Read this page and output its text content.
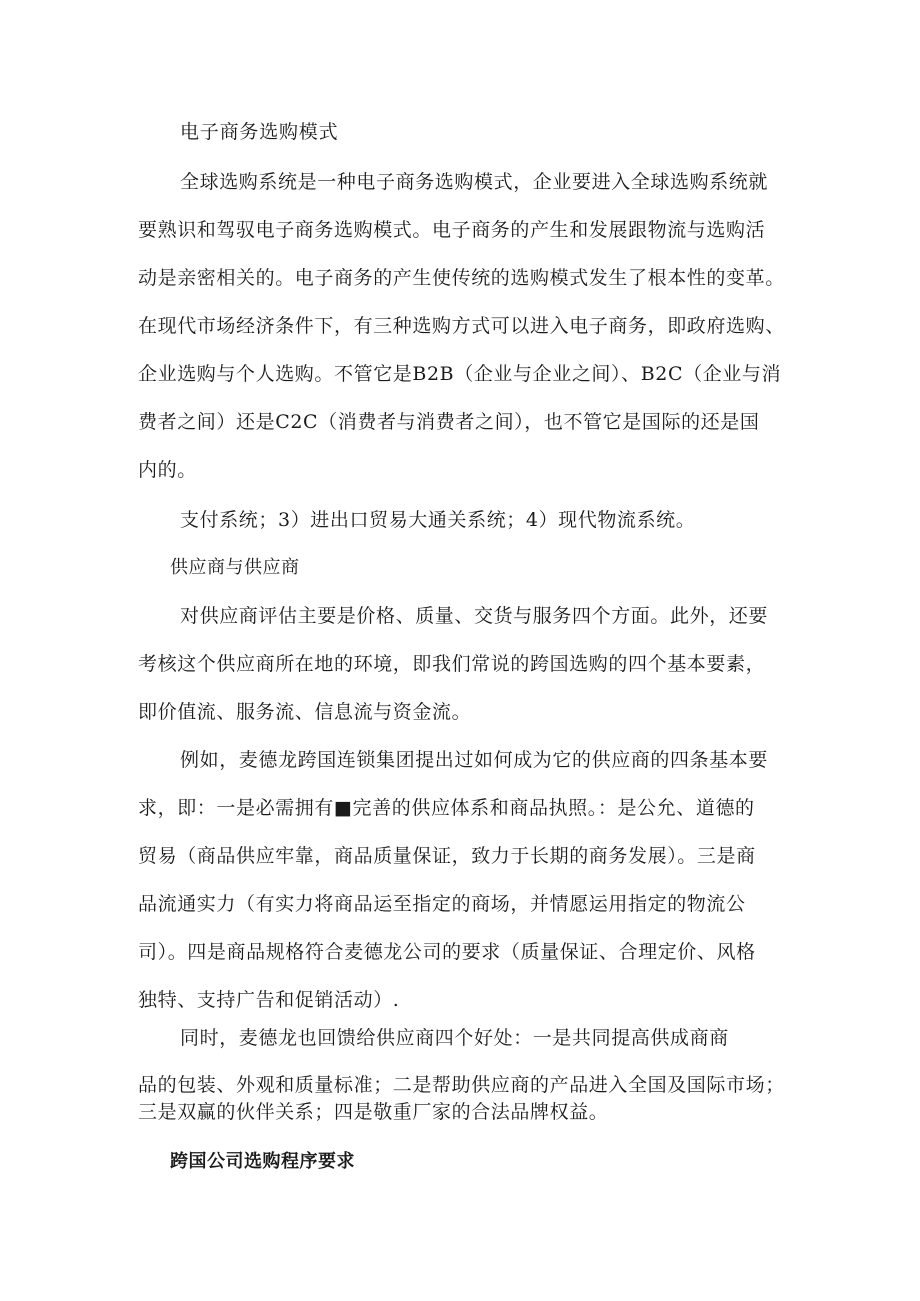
电子商务选购模式
全球选购系统是一种电子商务选购模式，企业要进入全球选购系统就
要熟识和驾驭电子商务选购模式。电子商务的产生和发展跟物流与选购活
动是亲密相关的。电子商务的产生使传统的选购模式发生了根本性的变革。
在现代市场经济条件下，有三种选购方式可以进入电子商务，即政府选购、
企业选购与个人选购。不管它是B2B（企业与企业之间）、B2C（企业与消
费者之间）还是C2C（消费者与消费者之间），也不管它是国际的还是国
内的。
支付系统；3）进出口贸易大通关系统；4）现代物流系统。
供应商与供应商
对供应商评估主要是价格、质量、交货与服务四个方面。此外，还要
考核这个供应商所在地的环境，即我们常说的跨国选购的四个基本要素，
即价值流、服务流、信息流与资金流。
例如，麦德龙跨国连锁集团提出过如何成为它的供应商的四条基本要
求，即：一是必需拥有■完善的供应体系和商品执照。：是公允、道德的
贸易（商品供应牢靠，商品质量保证，致力于长期的商务发展）。三是商
品流通实力（有实力将商品运至指定的商场，并情愿运用指定的物流公
司）。四是商品规格符合麦德龙公司的要求（质量保证、合理定价、风格
独特、支持广告和促销活动）.
同时，麦德龙也回馈给供应商四个好处：一是共同提高供成商商
品的包装、外观和质量标准；二是帮助供应商的产品进入全国及国际市场；
三是双赢的伙伴关系；四是敬重厂家的合法品牌权益。
跨国公司选购程序要求
